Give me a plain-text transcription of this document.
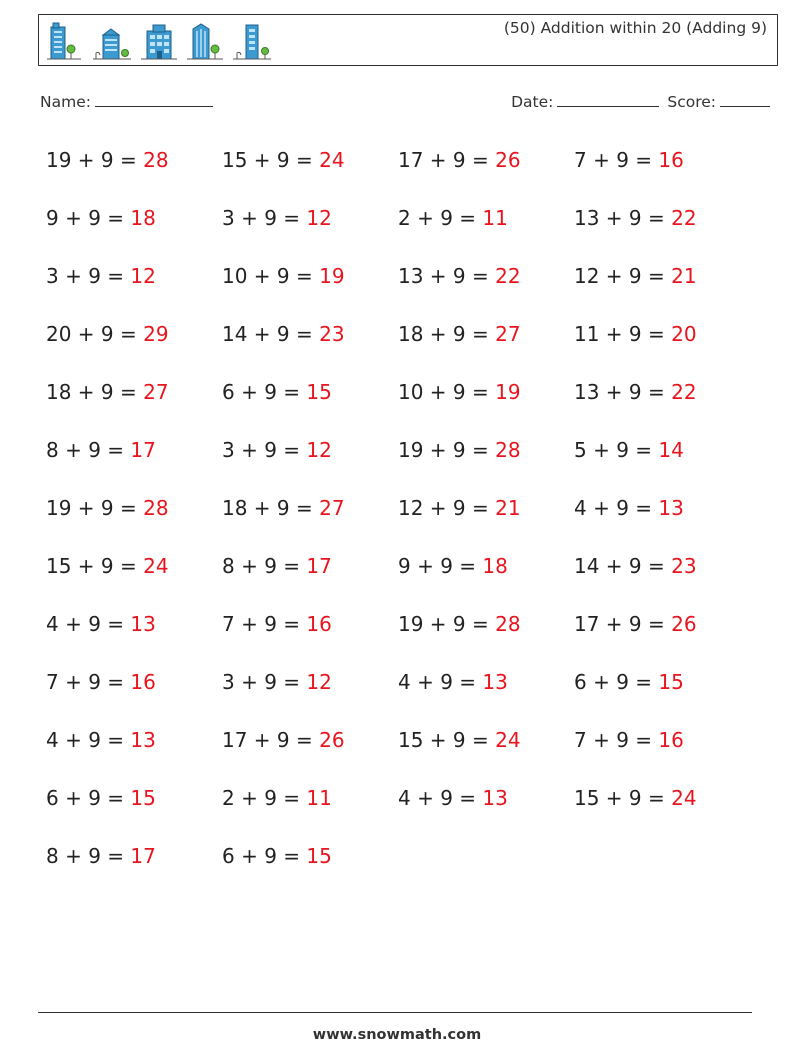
(50) Addition within 20 (Adding 9)
Name:	Date:	Score:
19 + 9 = 28	15 + 9 = 24	17 + 9 = 26	7 + 9 = 16
9 + 9 = 18	3 + 9 = 12	2 + 9 = 11	13 + 9 = 22
3 + 9 = 12	10 + 9 = 19	13 + 9 = 22	12 + 9 = 21
20 + 9 = 29	14 + 9 = 23	18 + 9 = 27	11 + 9 = 20
18 + 9 = 27	6 + 9 = 15	10 + 9 = 19	13 + 9 = 22
8 + 9 = 17	3 + 9 = 12	19 + 9 = 28	5 + 9 = 14
19 + 9 = 28	18 + 9 = 27	12 + 9 = 21	4 + 9 = 13
15 + 9 = 24	8 + 9 = 17	9 + 9 = 18	14 + 9 = 23
4 + 9 = 13	7 + 9 = 16	19 + 9 = 28	17 + 9 = 26
7 + 9 = 16	3 + 9 = 12	4 + 9 = 13	6 + 9 = 15
4 + 9 = 13	17 + 9 = 26	15 + 9 = 24	7 + 9 = 16
6 + 9 = 15	2 + 9 = 11	4 + 9 = 13	15 + 9 = 24
8 + 9 = 17	6 + 9 = 15
www.snowmath.com
